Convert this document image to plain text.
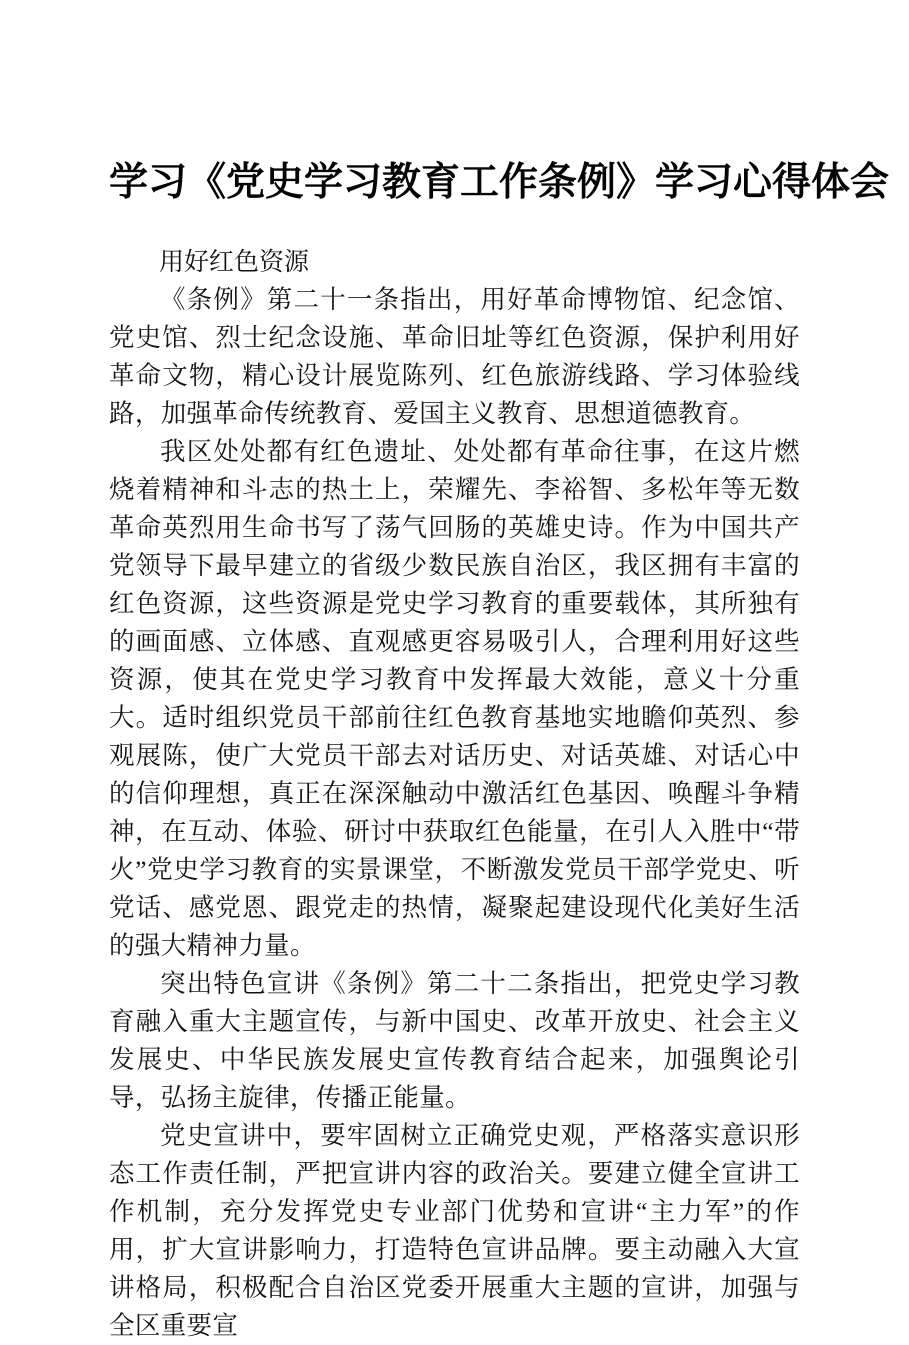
学习《党史学习教育工作条例》学习心得体会
用好红色资源

《条例》第二十一条指出，用好革命博物馆、纪念馆、党史馆、烈士纪念设施、革命旧址等红色资源，保护利用好革命文物，精心设计展览陈列、红色旅游线路、学习体验线路，加强革命传统教育、爱国主义教育、思想道德教育。

我区处处都有红色遗址、处处都有革命往事，在这片燃烧着精神和斗志的热土上，荣耀先、李裕智、多松年等无数革命英烈用生命书写了荡气回肠的英雄史诗。作为中国共产党领导下最早建立的省级少数民族自治区，我区拥有丰富的红色资源，这些资源是党史学习教育的重要载体，其所独有的画面感、立体感、直观感更容易吸引人，合理利用好这些资源，使其在党史学习教育中发挥最大效能，意义十分重大。适时组织党员干部前往红色教育基地实地瞻仰英烈、参观展陈，使广大党员干部去对话历史、对话英雄、对话心中的信仰理想，真正在深深触动中激活红色基因、唤醒斗争精神，在互动、体验、研讨中获取红色能量，在引人入胜中“带火”党史学习教育的实景课堂，不断激发党员干部学党史、听党话、感党恩、跟党走的热情，凝聚起建设现代化美好生活的强大精神力量。

突出特色宣讲《条例》第二十二条指出，把党史学习教育融入重大主题宣传，与新中国史、改革开放史、社会主义发展史、中华民族发展史宣传教育结合起来，加强舆论引导，弘扬主旋律，传播正能量。

党史宣讲中，要牢固树立正确党史观，严格落实意识形态工作责任制，严把宣讲内容的政治关。要建立健全宣讲工作机制，充分发挥党史专业部门优势和宣讲“主力军”的作用，扩大宣讲影响力，打造特色宣讲品牌。要主动融入大宣讲格局，积极配合自治区党委开展重大主题的宣讲，加强与全区重要宣
